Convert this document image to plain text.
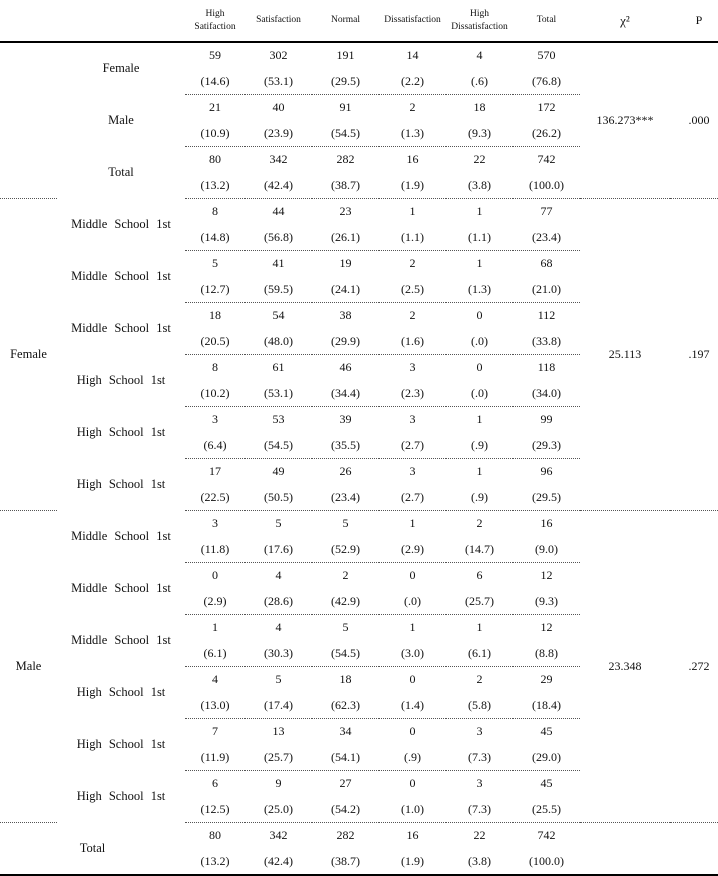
		High Satifaction	Satisfaction	Normal	Dissatisfaction	High Dissatisfaction	Total	χ²	P
	Female	59	302	191	14	4	570	136.273***	.000
		(14.6)	(53.1)	(29.5)	(2.2)	(.6)	(76.8)		
	Male	21	40	91	2	18	172		
		(10.9)	(23.9)	(54.5)	(1.3)	(9.3)	(26.2)		
	Total	80	342	282	16	22	742		
		(13.2)	(42.4)	(38.7)	(1.9)	(3.8)	(100.0)		
Female	Middle School 1st	8	44	23	1	1	77	25.113	.197
		(14.8)	(56.8)	(26.1)	(1.1)	(1.1)	(23.4)		
	Middle School 1st	5	41	19	2	1	68		
		(12.7)	(59.5)	(24.1)	(2.5)	(1.3)	(21.0)		
	Middle School 1st	18	54	38	2	0	112		
		(20.5)	(48.0)	(29.9)	(1.6)	(.0)	(33.8)		
	High School 1st	8	61	46	3	0	118		
		(10.2)	(53.1)	(34.4)	(2.3)	(.0)	(34.0)		
	High School 1st	3	53	39	3	1	99		
		(6.4)	(54.5)	(35.5)	(2.7)	(.9)	(29.3)		
	High School 1st	17	49	26	3	1	96		
		(22.5)	(50.5)	(23.4)	(2.7)	(.9)	(29.5)		
Male	Middle School 1st	3	5	5	1	2	16	23.348	.272
		(11.8)	(17.6)	(52.9)	(2.9)	(14.7)	(9.0)		
	Middle School 1st	0	4	2	0	6	12		
		(2.9)	(28.6)	(42.9)	(.0)	(25.7)	(9.3)		
	Middle School 1st	1	4	5	1	1	12		
		(6.1)	(30.3)	(54.5)	(3.0)	(6.1)	(8.8)		
	High School 1st	4	5	18	0	2	29		
		(13.0)	(17.4)	(62.3)	(1.4)	(5.8)	(18.4)		
	High School 1st	7	13	34	0	3	45		
		(11.9)	(25.7)	(54.1)	(.9)	(7.3)	(29.0)		
	High School 1st	6	9	27	0	3	45		
		(12.5)	(25.0)	(54.2)	(1.0)	(7.3)	(25.5)		
Total		80	342	282	16	22	742		
		(13.2)	(42.4)	(38.7)	(1.9)	(3.8)	(100.0)		
